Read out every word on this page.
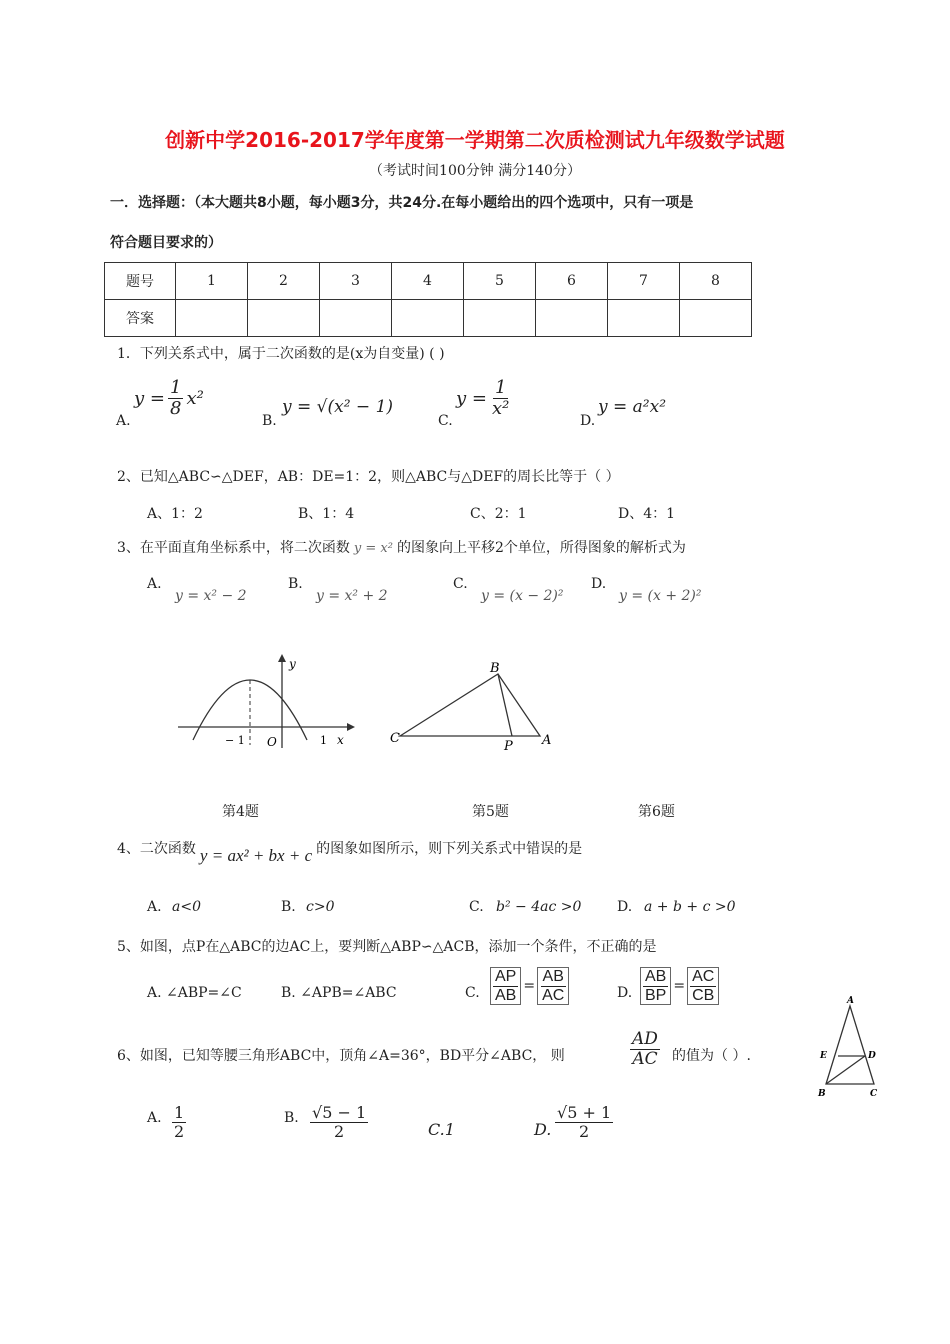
创新中学2016-2017学年度第一学期第二次质检测试九年级数学试题
（考试时间100分钟 满分140分）
一．选择题：（本大题共8小题，每小题3分，共24分.在每小题给出的四个选项中，只有一项是
符合题目要求的）
题号	1	2	3	4	5	6	7	8
答案								
1．下列关系式中，属于二次函数的是(x为自变量) ( )
A.
$y = \frac{1}{8} x^2$
B.
y = √(x² − 1)
C.
$y = \frac{1}{\text{x²}}$
D.
y = a²x²
2、已知△ABC∽△DEF，AB：DE=1：2，则△ABC与△DEF的周长比等于（ ）
A、1：2	B、1：4	C、2：1	D、4：1
3、在平面直角坐标系中，将二次函数 y = x² 的图象向上平移2个单位，所得图象的解析式为
A.
y = x² − 2
B.
y = x² + 2
C.
y = (x − 2)²
D.
y = (x + 2)²
y
x
− 1 O	1
B
C
P A
第4题	第5题	第6题
4、二次函数 y = ax² + bx + c 的图象如图所示，则下列关系式中错误的是
A. a<0	B. c>0	C. b² − 4ac >0	D. a + b + c >0
5、如图，点P在△ABC的边AC上，要判断△ABP∽△ACB，添加一个条件，不正确的是
A. ∠ABP=∠C	B. ∠APB=∠ABC	C. $\frac{AP}{AB} = \frac{AB}{AC}$	D. $\frac{AB}{BP} = \frac{AC}{CB}$	A
E	D
B	C
6、如图，已知等腰三角形ABC中，顶角∠A=36°，BD平分∠ABC， 则	$\frac{AD}{AC}$ 的值为（ ）.
A. $\frac{1}{2}$	B. $\frac{√5 - 1}{2}$	C.1	D. $\frac{√5 + 1}{2}$
